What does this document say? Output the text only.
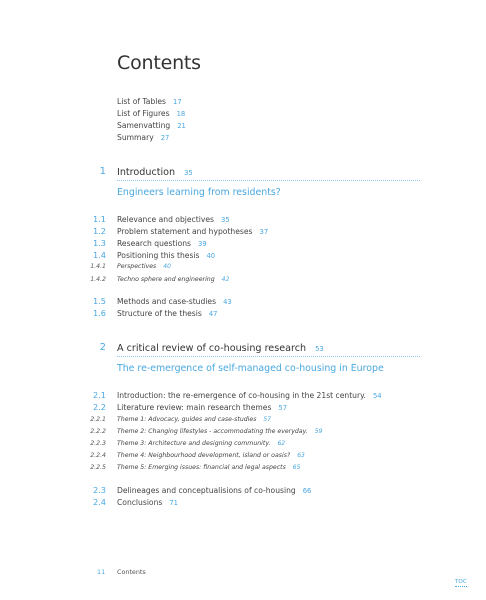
Contents
List of Tables 17
List of Figures 18
Samenvatting 21
Summary 27
1 Introduction 35
Engineers learning from residents?
1.1 Relevance and objectives 35
1.2 Problem statement and hypotheses 37
1.3 Research questions 39
1.4 Positioning this thesis 40
1.4.1 Perspectives 40
1.4.2 Techno sphere and engineering 42
1.5 Methods and case-studies 43
1.6 Structure of the thesis 47
2 A critical review of co-housing research 53
The re-emergence of self-managed co-housing in Europe
2.1 Introduction: the re-emergence of co-housing in the 21st century. 54
2.2 Literature review: main research themes 57
2.2.1 Theme 1: Advocacy, guides and case-studies 57
2.2.2 Theme 2: Changing lifestyles - accommodating the everyday. 59
2.2.3 Theme 3: Architecture and designing community. 62
2.2.4 Theme 4: Neighbourhood development, island or oasis? 63
2.2.5 Theme 5: Emerging issues: financial and legal aspects 65
2.3 Delineages and conceptualisions of co-housing 66
2.4 Conclusions 71
11 Contents
TOC
